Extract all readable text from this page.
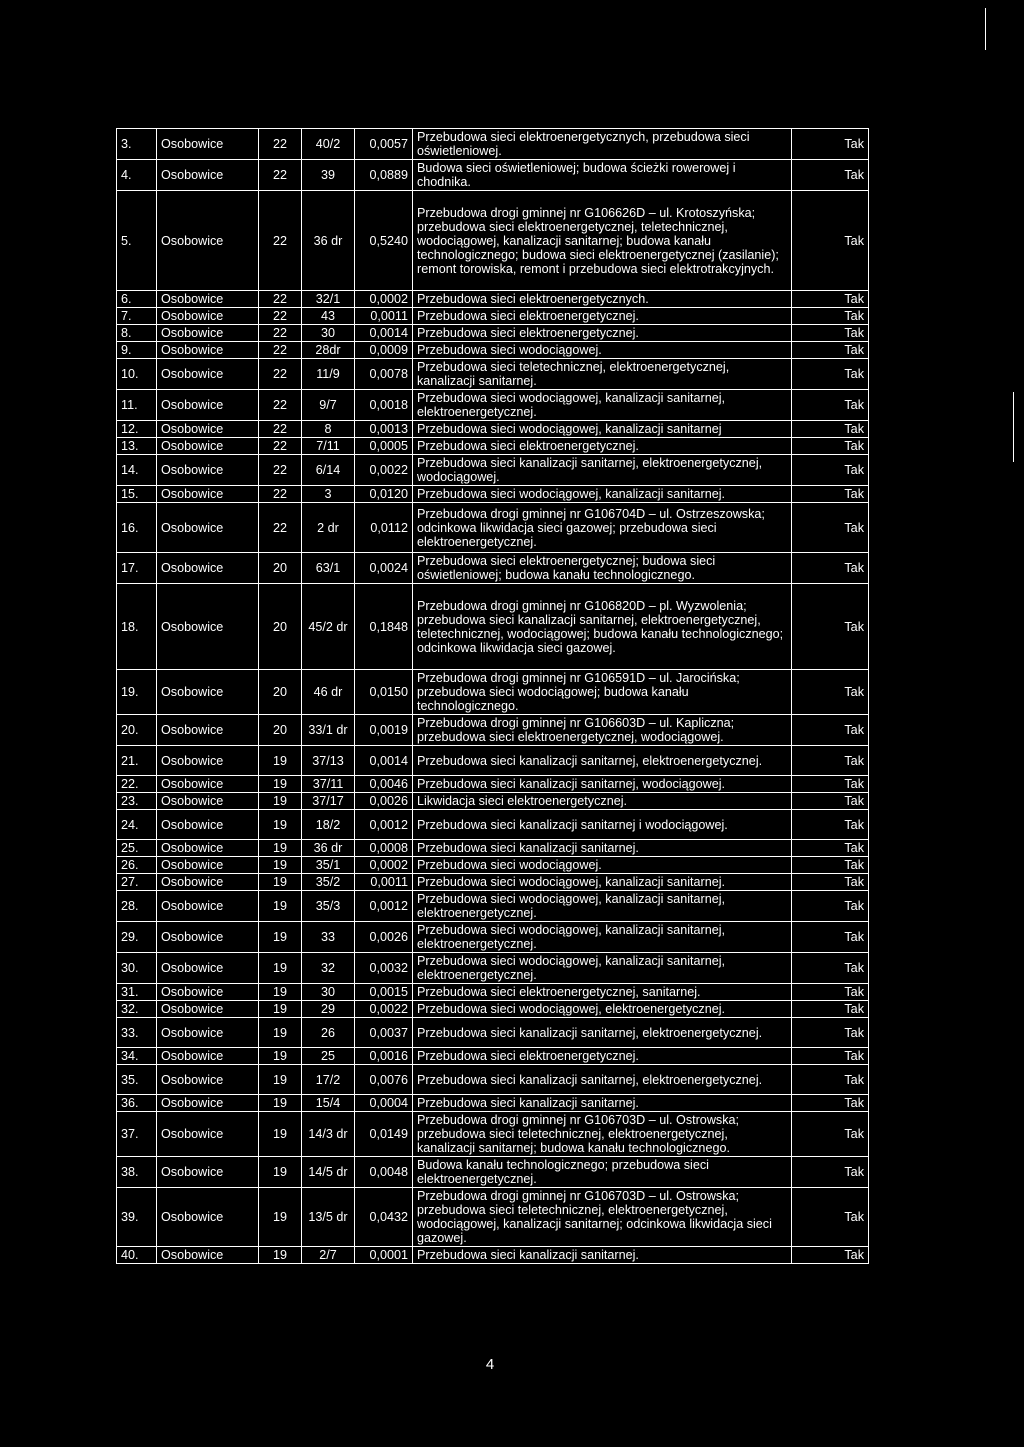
3.	Osobowice	22	40/2	0,0057	Przebudowa sieci elektroenergetycznych, przebudowa sieci oświetleniowej.	Tak
4.	Osobowice	22	39	0,0889	Budowa sieci oświetleniowej; budowa ścieżki rowerowej i chodnika.	Tak
5.	Osobowice	22	36 dr	0,5240	Przebudowa drogi gminnej nr G106626D – ul. Krotoszyńska; przebudowa sieci elektroenergetycznej, teletechnicznej, wodociągowej, kanalizacji sanitarnej; budowa kanału technologicznego; budowa sieci elektroenergetycznej (zasilanie); remont torowiska, remont i przebudowa sieci elektrotrakcyjnych.	Tak
6.	Osobowice	22	32/1	0,0002	Przebudowa sieci elektroenergetycznych.	Tak
7.	Osobowice	22	43	0,0011	Przebudowa sieci elektroenergetycznej.	Tak
8.	Osobowice	22	30	0,0014	Przebudowa sieci elektroenergetycznej.	Tak
9.	Osobowice	22	28dr	0,0009	Przebudowa sieci wodociągowej.	Tak
10.	Osobowice	22	11/9	0,0078	Przebudowa sieci teletechnicznej, elektroenergetycznej, kanalizacji sanitarnej.	Tak
11.	Osobowice	22	9/7	0,0018	Przebudowa sieci wodociągowej, kanalizacji sanitarnej, elektroenergetycznej.	Tak
12.	Osobowice	22	8	0,0013	Przebudowa sieci wodociągowej, kanalizacji sanitarnej	Tak
13.	Osobowice	22	7/11	0,0005	Przebudowa sieci elektroenergetycznej.	Tak
14.	Osobowice	22	6/14	0,0022	Przebudowa sieci kanalizacji sanitarnej, elektroenergetycznej, wodociągowej.	Tak
15.	Osobowice	22	3	0,0120	Przebudowa sieci wodociągowej, kanalizacji sanitarnej.	Tak
16.	Osobowice	22	2 dr	0,0112	Przebudowa drogi gminnej nr G106704D – ul. Ostrzeszowska; odcinkowa likwidacja sieci gazowej; przebudowa sieci elektroenergetycznej.	Tak
17.	Osobowice	20	63/1	0,0024	Przebudowa sieci elektroenergetycznej; budowa sieci oświetleniowej; budowa kanału technologicznego.	Tak
18.	Osobowice	20	45/2 dr	0,1848	Przebudowa drogi gminnej nr G106820D – pl. Wyzwolenia; przebudowa sieci kanalizacji sanitarnej, elektroenergetycznej, teletechnicznej, wodociągowej; budowa kanału technologicznego; odcinkowa likwidacja sieci gazowej.	Tak
19.	Osobowice	20	46 dr	0,0150	Przebudowa drogi gminnej nr G106591D – ul. Jarocińska; przebudowa sieci wodociągowej; budowa kanału technologicznego.	Tak
20.	Osobowice	20	33/1 dr	0,0019	Przebudowa drogi gminnej nr G106603D – ul. Kapliczna; przebudowa sieci elektroenergetycznej, wodociągowej.	Tak
21.	Osobowice	19	37/13	0,0014	Przebudowa sieci kanalizacji sanitarnej, elektroenergetycznej.	Tak
22.	Osobowice	19	37/11	0,0046	Przebudowa sieci kanalizacji sanitarnej, wodociągowej.	Tak
23.	Osobowice	19	37/17	0,0026	Likwidacja sieci elektroenergetycznej.	Tak
24.	Osobowice	19	18/2	0,0012	Przebudowa sieci kanalizacji sanitarnej i wodociągowej.	Tak
25.	Osobowice	19	36 dr	0,0008	Przebudowa sieci kanalizacji sanitarnej.	Tak
26.	Osobowice	19	35/1	0,0002	Przebudowa sieci wodociągowej.	Tak
27.	Osobowice	19	35/2	0,0011	Przebudowa sieci wodociągowej, kanalizacji sanitarnej.	Tak
28.	Osobowice	19	35/3	0,0012	Przebudowa sieci wodociągowej, kanalizacji sanitarnej, elektroenergetycznej.	Tak
29.	Osobowice	19	33	0,0026	Przebudowa sieci wodociągowej, kanalizacji sanitarnej, elektroenergetycznej.	Tak
30.	Osobowice	19	32	0,0032	Przebudowa sieci wodociągowej, kanalizacji sanitarnej, elektroenergetycznej.	Tak
31.	Osobowice	19	30	0,0015	Przebudowa sieci elektroenergetycznej, sanitarnej.	Tak
32.	Osobowice	19	29	0,0022	Przebudowa sieci wodociągowej, elektroenergetycznej.	Tak
33.	Osobowice	19	26	0,0037	Przebudowa sieci kanalizacji sanitarnej, elektroenergetycznej.	Tak
34.	Osobowice	19	25	0,0016	Przebudowa sieci elektroenergetycznej.	Tak
35.	Osobowice	19	17/2	0,0076	Przebudowa sieci kanalizacji sanitarnej, elektroenergetycznej.	Tak
36.	Osobowice	19	15/4	0,0004	Przebudowa sieci kanalizacji sanitarnej.	Tak
37.	Osobowice	19	14/3 dr	0,0149	Przebudowa drogi gminnej nr G106703D – ul. Ostrowska; przebudowa sieci teletechnicznej, elektroenergetycznej, kanalizacji sanitarnej; budowa kanału technologicznego.	Tak
38.	Osobowice	19	14/5 dr	0,0048	Budowa kanału technologicznego; przebudowa sieci elektroenergetycznej.	Tak
39.	Osobowice	19	13/5 dr	0,0432	Przebudowa drogi gminnej nr G106703D – ul. Ostrowska; przebudowa sieci teletechnicznej, elektroenergetycznej, wodociągowej, kanalizacji sanitarnej; odcinkowa likwidacja sieci gazowej.	Tak
40.	Osobowice	19	2/7	0,0001	Przebudowa sieci kanalizacji sanitarnej.	Tak
4
